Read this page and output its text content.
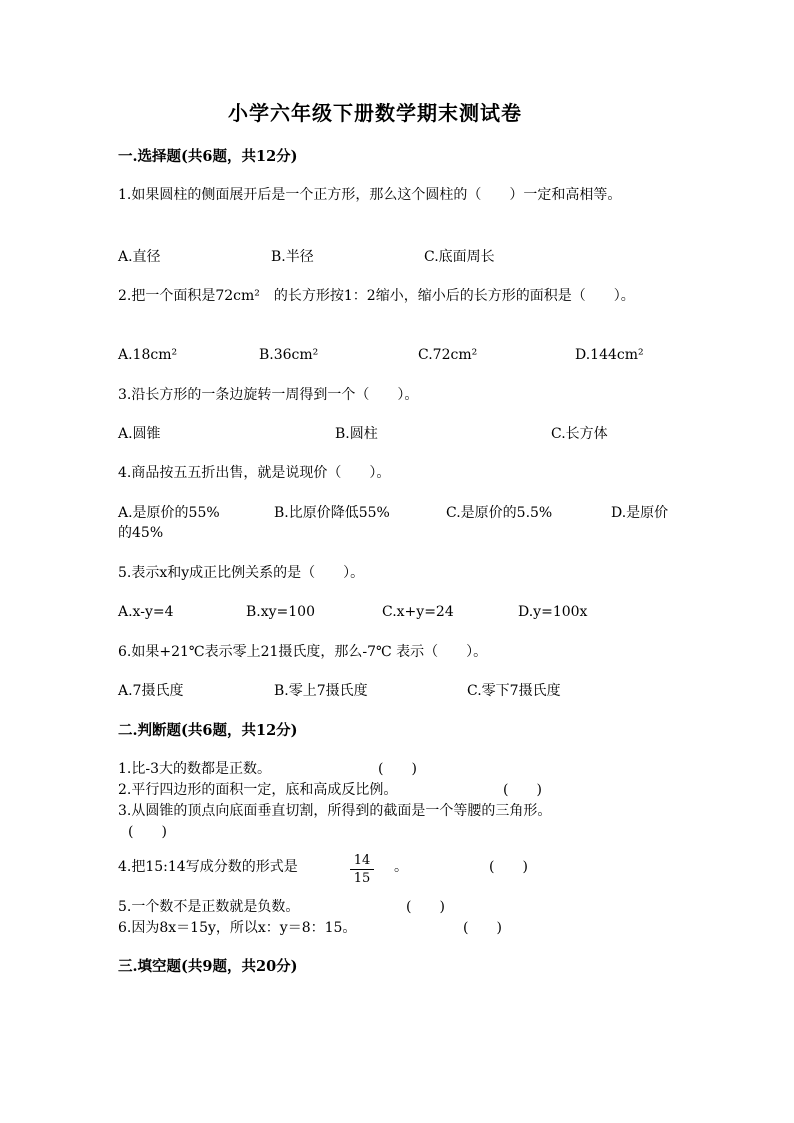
小学六年级下册数学期末测试卷
一.选择题(共6题，共12分)
1.如果圆柱的侧面展开后是一个正方形，那么这个圆柱的（　　）一定和高相等。
A.直径	B.半径	C.底面周长
2.把一个面积是72cm²　的长方形按1：2缩小，缩小后的长方形的面积是（　　）。
A.18cm²	B.36cm²	C.72cm²	D.144cm²
3.沿长方形的一条边旋转一周得到一个（　　）。
A.圆锥	B.圆柱	C.长方体
4.商品按五五折出售，就是说现价（　　）。
A.是原价的55%	B.比原价降低55%	C.是原价的5.5%	D.是原价的45%
5.表示x和y成正比例关系的是（　　）。
A.x-y=4	B.xy=100	C.x+y=24	D.y=100x
6.如果+21℃表示零上21摄氏度，那么-7℃ 表示（　　）。
A.7摄氏度	B.零上7摄氏度	C.零下7摄氏度
二.判断题(共6题，共12分)
1.比-3大的数都是正数。	(　　)
2.平行四边形的面积一定，底和高成反比例。	(　　)
3.从圆锥的顶点向底面垂直切割，所得到的截面是一个等腰的三角形。
(　　)
4.把15:14写成分数的形式是	$\frac{14}{15}$ 。	(　　)
5.一个数不是正数就是负数。	(　　)
6.因为8x＝15y，所以x：y＝8：15。	(　　)
三.填空题(共9题，共20分)
